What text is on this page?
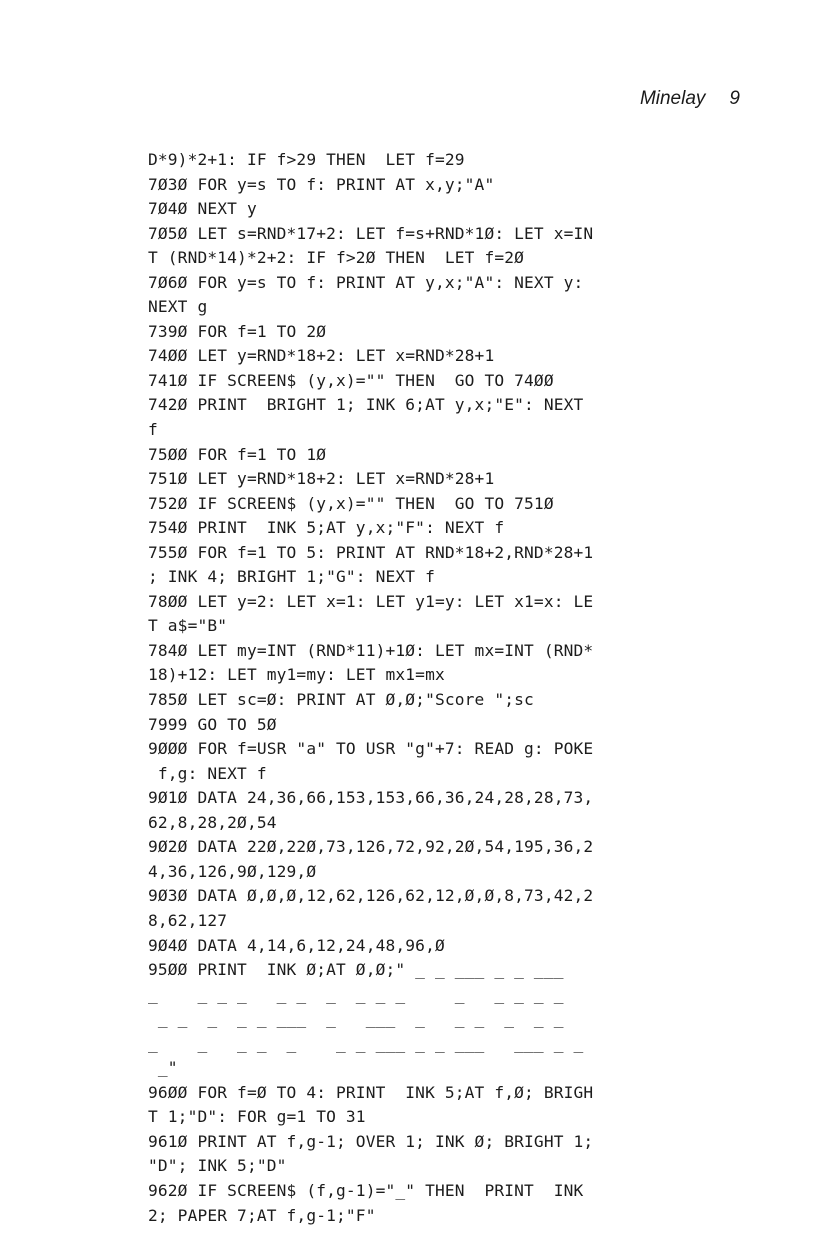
Minelay 9
D*9)*2+1: IF f>29 THEN  LET f=29
7Ø3Ø FOR y=s TO f: PRINT AT x,y;"A"
7Ø4Ø NEXT y
7Ø5Ø LET s=RND*17+2: LET f=s+RND*1Ø: LET x=IN
T (RND*14)*2+2: IF f>2Ø THEN  LET f=2Ø
7Ø6Ø FOR y=s TO f: PRINT AT y,x;"A": NEXT y:
NEXT g
739Ø FOR f=1 TO 2Ø
74ØØ LET y=RND*18+2: LET x=RND*28+1
741Ø IF SCREEN$ (y,x)="" THEN  GO TO 74ØØ
742Ø PRINT  BRIGHT 1; INK 6;AT y,x;"E": NEXT
f
75ØØ FOR f=1 TO 1Ø
751Ø LET y=RND*18+2: LET x=RND*28+1
752Ø IF SCREEN$ (y,x)="" THEN  GO TO 751Ø
754Ø PRINT  INK 5;AT y,x;"F": NEXT f
755Ø FOR f=1 TO 5: PRINT AT RND*18+2,RND*28+1
; INK 4; BRIGHT 1;"G": NEXT f
78ØØ LET y=2: LET x=1: LET y1=y: LET x1=x: LE
T a$="B"
784Ø LET my=INT (RND*11)+1Ø: LET mx=INT (RND*
18)+12: LET my1=my: LET mx1=mx
785Ø LET sc=Ø: PRINT AT Ø,Ø;"Score ";sc
7999 GO TO 5Ø
9ØØØ FOR f=USR "a" TO USR "g"+7: READ g: POKE
f,g: NEXT f
9Ø1Ø DATA 24,36,66,153,153,66,36,24,28,28,73,
62,8,28,2Ø,54
9Ø2Ø DATA 22Ø,22Ø,73,126,72,92,2Ø,54,195,36,2
4,36,126,9Ø,129,Ø
9Ø3Ø DATA Ø,Ø,Ø,12,62,126,62,12,Ø,Ø,8,73,42,2
8,62,127
9Ø4Ø DATA 4,14,6,12,24,48,96,Ø
95ØØ PRINT  INK Ø;AT Ø,Ø;" _ _ ___ _ _ ___
_    _ _ _   _ _  _  _ _ _     _   _ _ _ _
_ _  _  _ _ ___  _   ___  _   _ _  _  _ _
_    _   _ _  _    _ _ ___ _ _ ___   ___ _ _
_"
96ØØ FOR f=Ø TO 4: PRINT  INK 5;AT f,Ø; BRIGH
T 1;"D": FOR g=1 TO 31
961Ø PRINT AT f,g-1; OVER 1; INK Ø; BRIGHT 1;
"D"; INK 5;"D"
962Ø IF SCREEN$ (f,g-1)="_" THEN  PRINT  INK
2; PAPER 7;AT f,g-1;"F"
